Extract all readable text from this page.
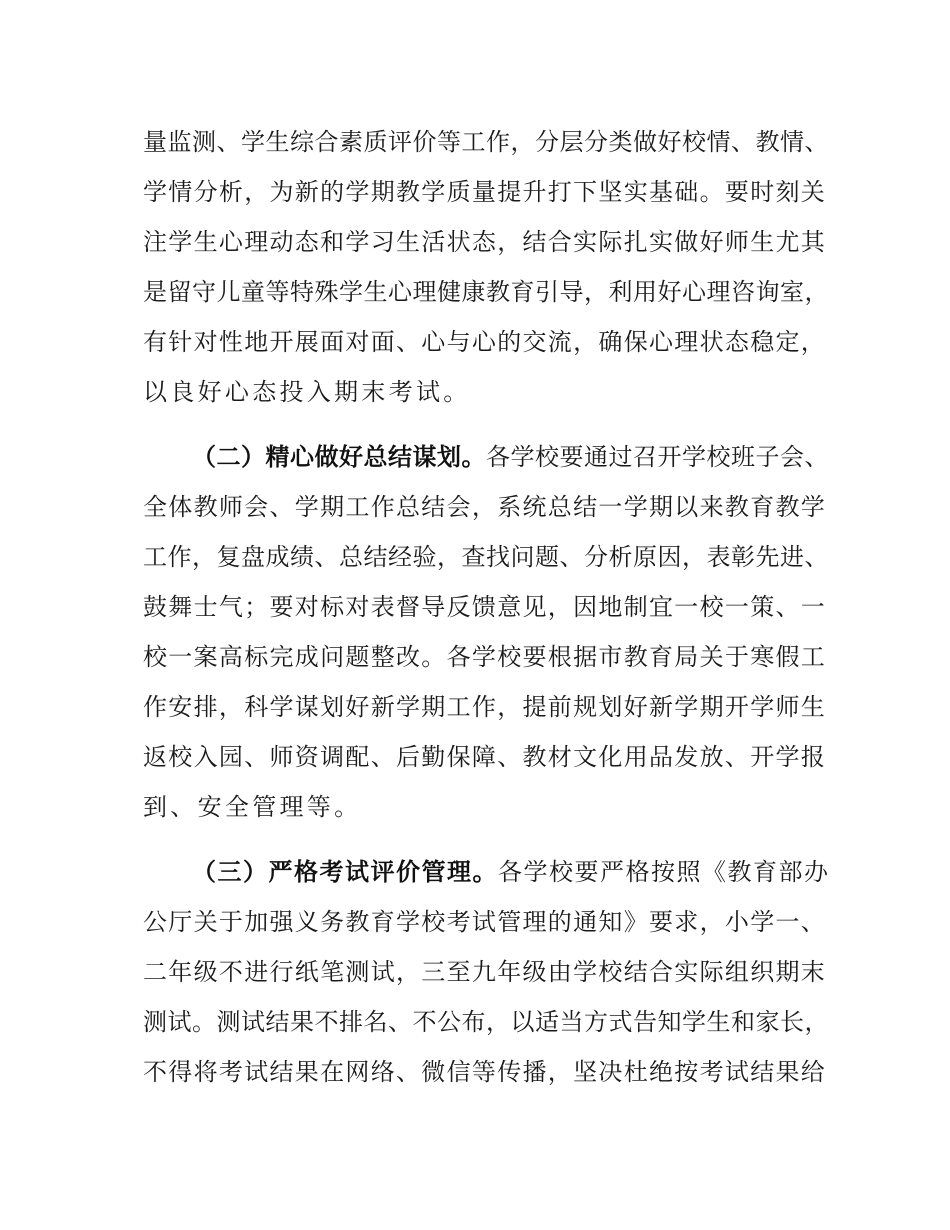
量监测、学生综合素质评价等工作，分层分类做好校情、教情、
学情分析，为新的学期教学质量提升打下坚实基础。要时刻关
注学生心理动态和学习生活状态，结合实际扎实做好师生尤其
是留守儿童等特殊学生心理健康教育引导，利用好心理咨询室，
有针对性地开展面对面、心与心的交流，确保心理状态稳定，
以良好心态投入期末考试。
（二）精心做好总结谋划。各学校要通过召开学校班子会、
全体教师会、学期工作总结会，系统总结一学期以来教育教学
工作，复盘成绩、总结经验，查找问题、分析原因，表彰先进、
鼓舞士气；要对标对表督导反馈意见，因地制宜一校一策、一
校一案高标完成问题整改。各学校要根据市教育局关于寒假工
作安排，科学谋划好新学期工作，提前规划好新学期开学师生
返校入园、师资调配、后勤保障、教材文化用品发放、开学报
到、安全管理等。
（三）严格考试评价管理。各学校要严格按照《教育部办
公厅关于加强义务教育学校考试管理的通知》要求，小学一、
二年级不进行纸笔测试，三至九年级由学校结合实际组织期末
测试。测试结果不排名、不公布，以适当方式告知学生和家长，
不得将考试结果在网络、微信等传播，坚决杜绝按考试结果给
